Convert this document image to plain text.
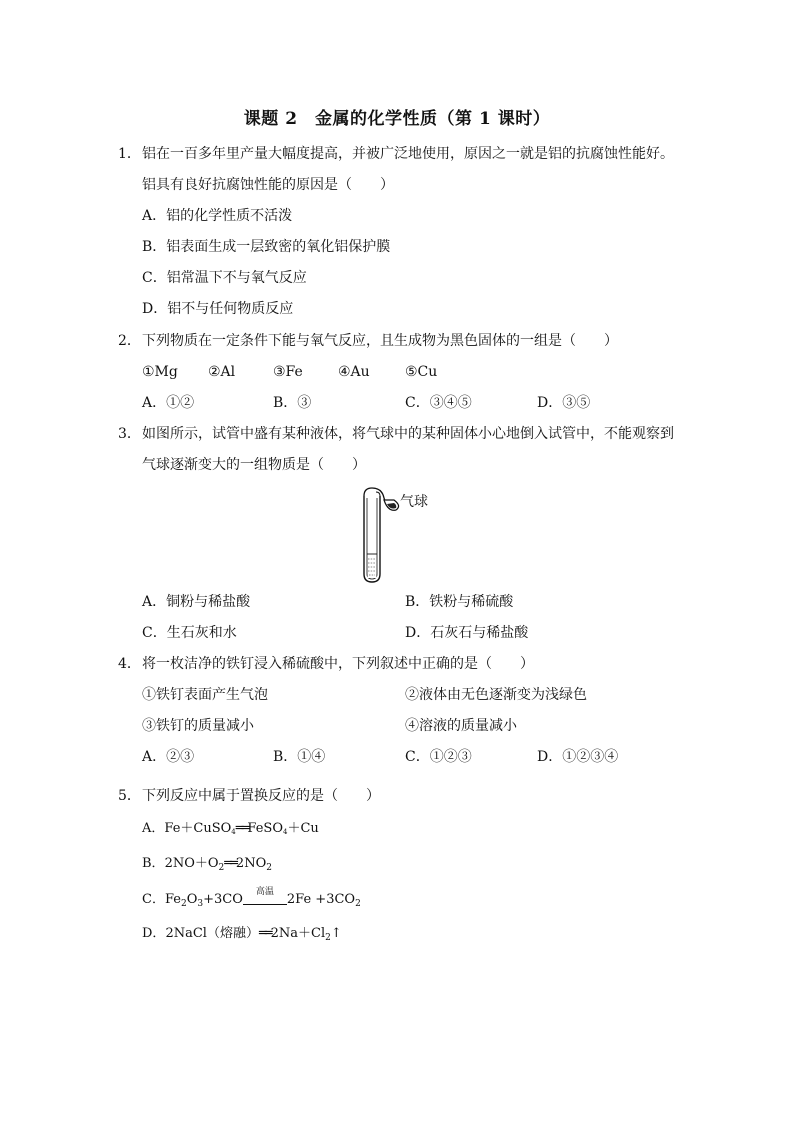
课题 2　金属的化学性质（第 1 课时）
1． 铝在一百多年里产量大幅度提高，并被广泛地使用，原因之一就是铝的抗腐蚀性能好。
铝具有良好抗腐蚀性能的原因是（　　）
A．铝的化学性质不活泼
B．铝表面生成一层致密的氧化铝保护膜
C．铝常温下不与氧气反应
D．铝不与任何物质反应
2． 下列物质在一定条件下能与氧气反应，且生成物为黑色固体的一组是（　　）
①Mg ②Al	③Fe	④Au	⑤Cu
A．①②	B．③	C．③④⑤	D．③⑤
3． 如图所示，试管中盛有某种液体，将气球中的某种固体小心地倒入试管中，不能观察到
气球逐渐变大的一组物质是（　　）
气球
A．铜粉与稀盐酸	B．铁粉与稀硫酸
C．生石灰和水	D．石灰石与稀盐酸
4． 将一枚洁净的铁钉浸入稀硫酸中，下列叙述中正确的是（　　）
①铁钉表面产生气泡	②液体由无色逐渐变为浅绿色
③铁钉的质量减小	④溶液的质量减小
A．②③	B．①④	C．①②③	D．①②③④
5． 下列反应中属于置换反应的是（　　）
A．Fe＋CuSO4══FeSO4＋Cu
B．$2NO+O_2══2NO_2$
C．$Fe_2O_3+3CO$	高温	$2Fe +3CO_2$
D．2NaCl（熔融）$══2Na+Cl_2↑$
